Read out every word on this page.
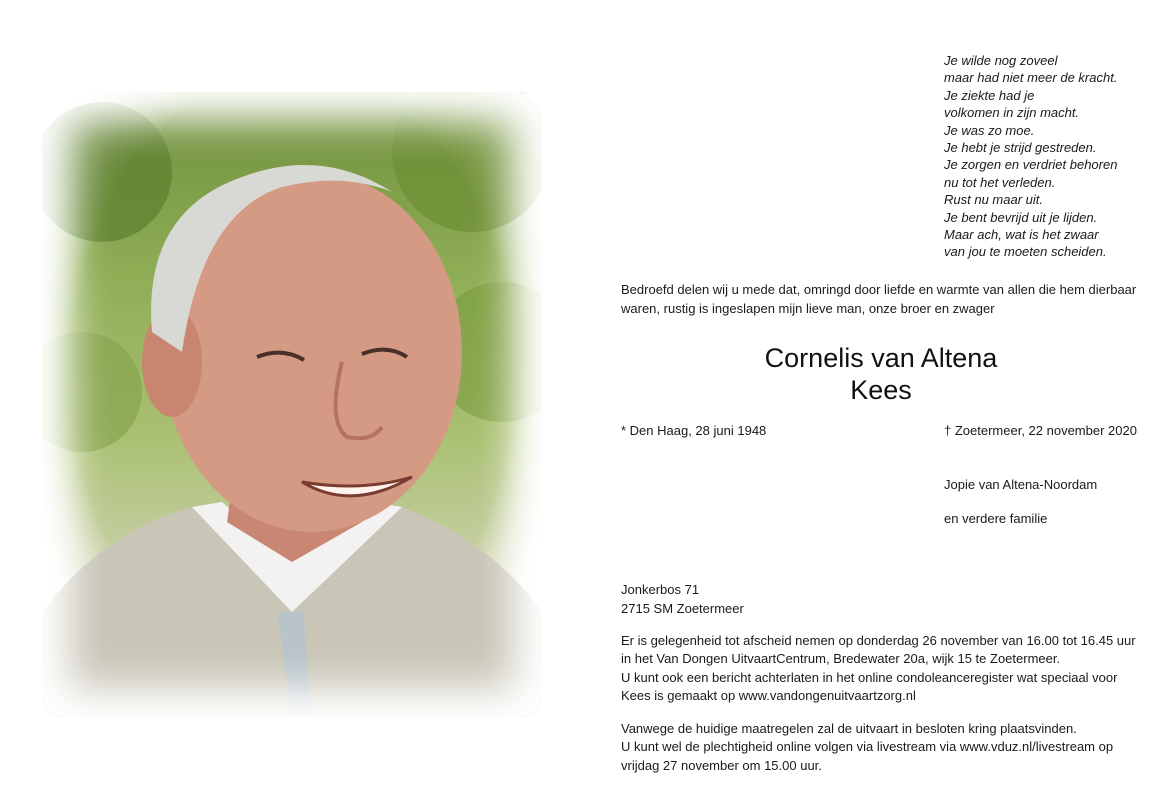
Je wilde nog zoveel
maar had niet meer de kracht.
Je ziekte had je
volkomen in zijn macht.
Je was zo moe.
Je hebt je strijd gestreden.
Je zorgen en verdriet behoren
nu tot het verleden.
Rust nu maar uit.
Je bent bevrijd uit je lijden.
Maar ach, wat is het zwaar
van jou te moeten scheiden.
Bedroefd delen wij u mede dat, omringd door liefde en warmte van allen die hem dierbaar
waren, rustig is ingeslapen mijn lieve man, onze broer en zwager
Cornelis van Altena
Kees
* Den Haag, 28 juni 1948	† Zoetermeer, 22 november 2020
Jopie van Altena-Noordam
en verdere familie
Jonkerbos 71
2715 SM Zoetermeer
Er is gelegenheid tot afscheid nemen op donderdag 26 november van 16.00 tot 16.45 uur
in het Van Dongen UitvaartCentrum, Bredewater 20a, wijk 15 te Zoetermeer.
U kunt ook een bericht achterlaten in het online condoleanceregister wat speciaal voor
Kees is gemaakt op www.vandongenuitvaartzorg.nl
Vanwege de huidige maatregelen zal de uitvaart in besloten kring plaatsvinden.
U kunt wel de plechtigheid online volgen via livestream via www.vduz.nl/livestream op
vrijdag 27 november om 15.00 uur.
